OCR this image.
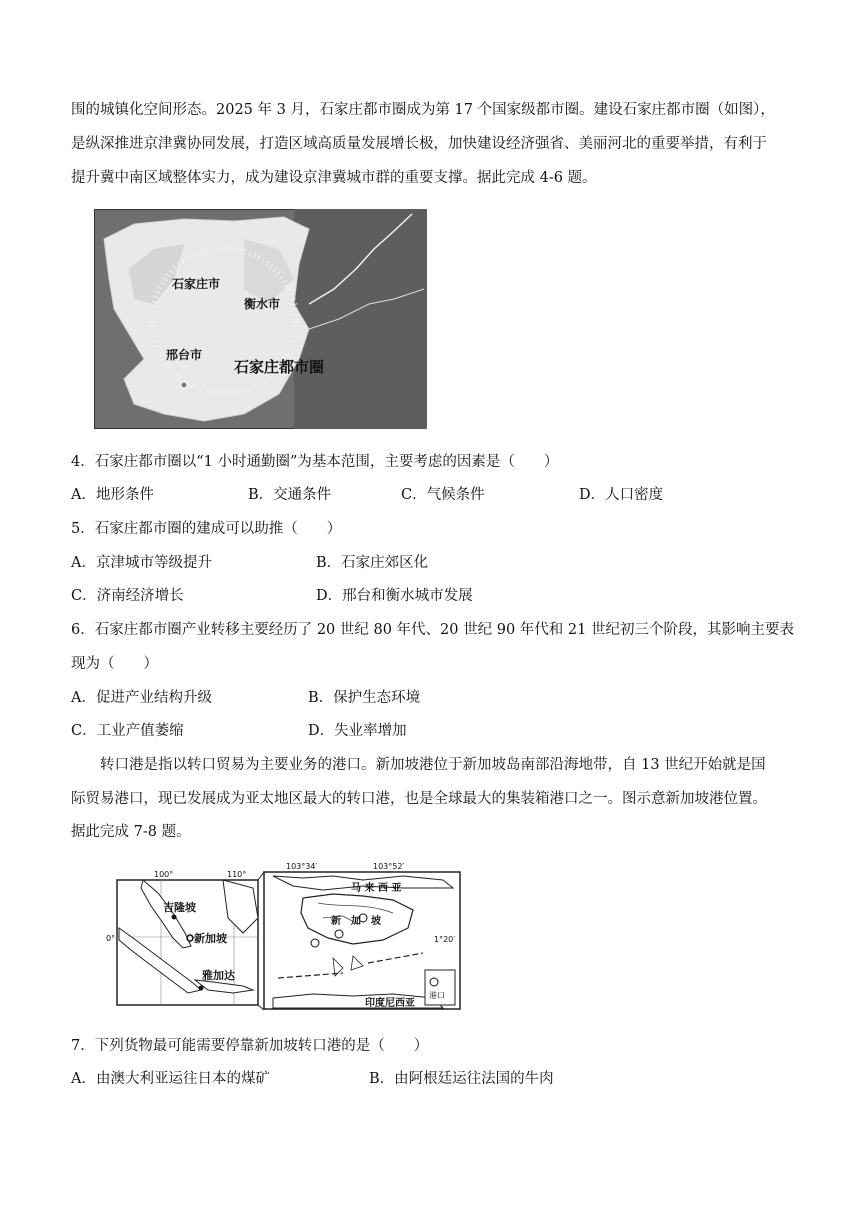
围的城镇化空间形态。2025 年 3 月，石家庄都市圈成为第 17 个国家级都市圈。建设石家庄都市圈（如图），
是纵深推进京津冀协同发展，打造区域高质量发展增长极，加快建设经济强省、美丽河北的重要举措，有利于
提升冀中南区域整体实力，成为建设京津冀城市群的重要支撑。据此完成 4-6 题。
石家庄市
衡水市
邢台市
石家庄都市圈
4．石家庄都市圈以“1 小时通勤圈”为基本范围，主要考虑的因素是（　　）
A．地形条件	B．交通条件	C．气候条件	D．人口密度
5．石家庄都市圈的建成可以助推（　　）
A．京津城市等级提升	B．石家庄郊区化
C．济南经济增长	D．邢台和衡水城市发展
6．石家庄都市圈产业转移主要经历了 20 世纪 80 年代、20 世纪 90 年代和 21 世纪初三个阶段，其影响主要表
现为（　　）
A．促进产业结构升级	B．保护生态环境
C．工业产值萎缩	D．失业率增加
转口港是指以转口贸易为主要业务的港口。新加坡港位于新加坡岛南部沿海地带，自 13 世纪开始就是国
际贸易港口，现已发展成为亚太地区最大的转口港，也是全球最大的集装箱港口之一。图示意新加坡港位置。
据此完成 7-8 题。
100°	110°
0°
吉隆坡
新加坡
雅加达
103°34′	103°52′
1°20′
马 来 西 亚
新　加　坡
印度尼西亚
港口
7．下列货物最可能需要停靠新加坡转口港的是（　　）
A．由澳大利亚运往日本的煤矿	B．由阿根廷运往法国的牛肉
